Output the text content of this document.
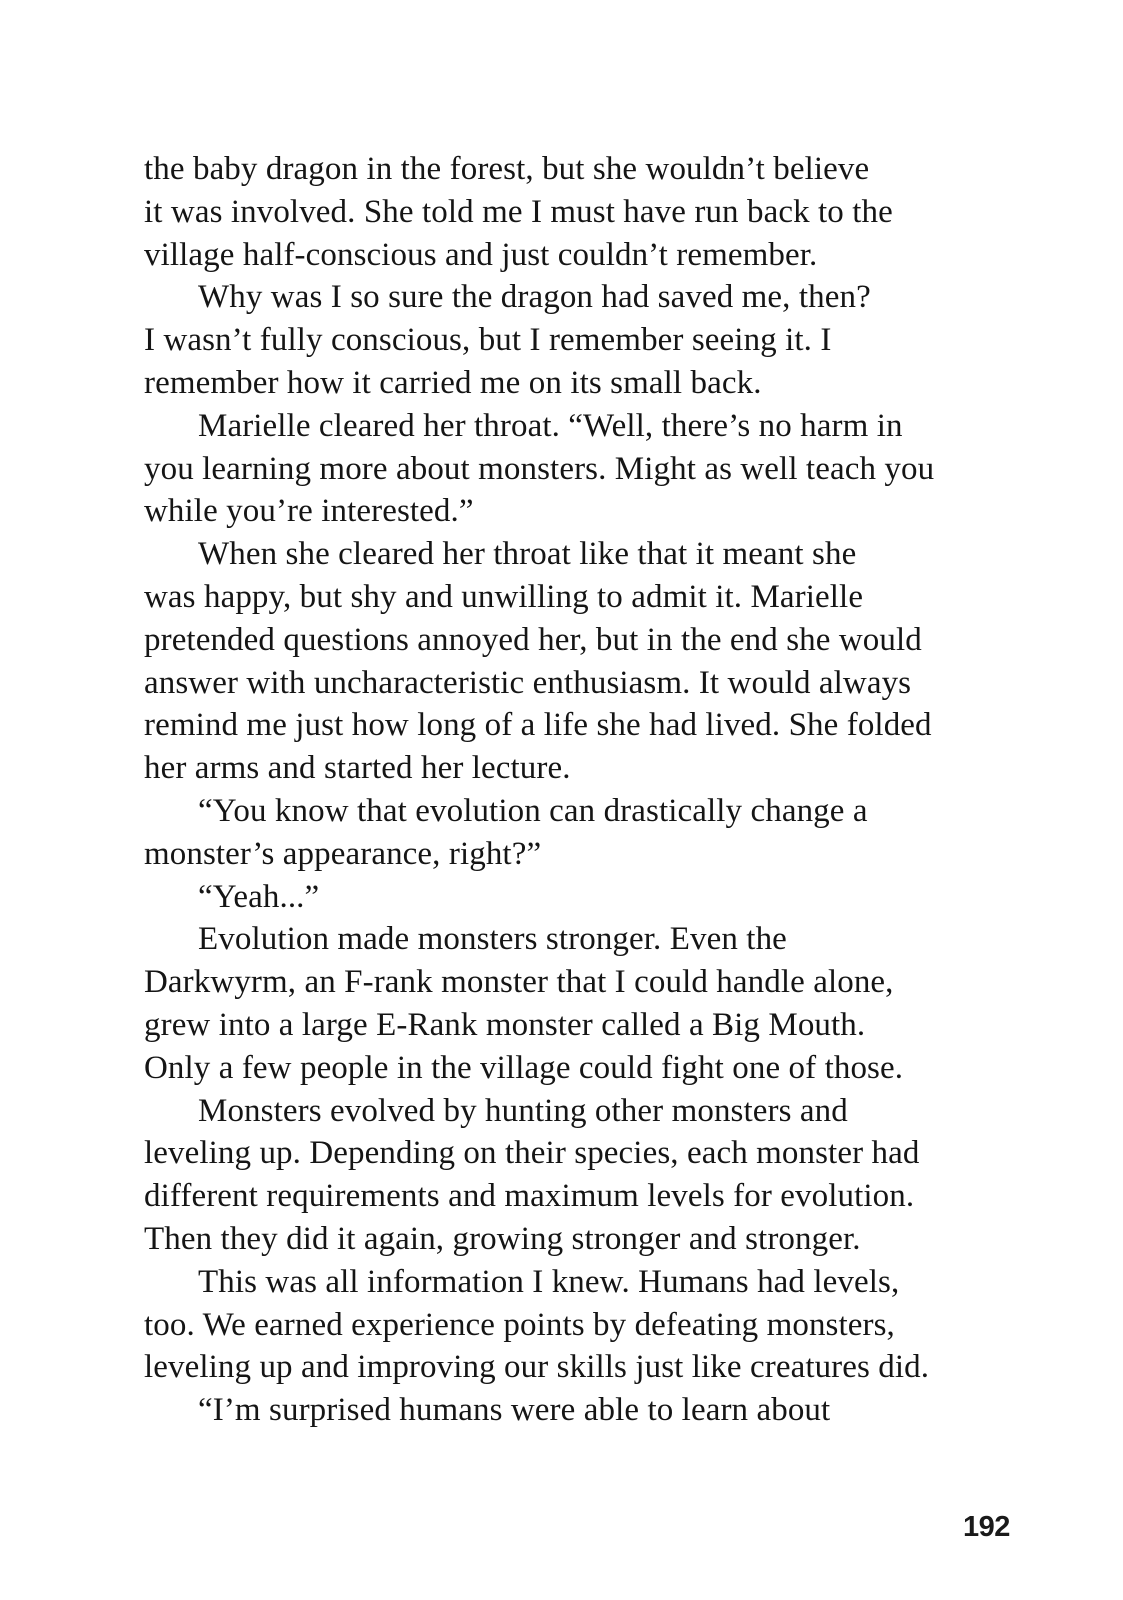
the baby dragon in the forest, but she wouldn’t believe
it was involved. She told me I must have run back to the
village half-conscious and just couldn’t remember.
Why was I so sure the dragon had saved me, then?
I wasn’t fully conscious, but I remember seeing it. I
remember how it carried me on its small back.
Marielle cleared her throat. “Well, there’s no harm in
you learning more about monsters. Might as well teach you
while you’re interested.”
When she cleared her throat like that it meant she
was happy, but shy and unwilling to admit it. Marielle
pretended questions annoyed her, but in the end she would
answer with uncharacteristic enthusiasm. It would always
remind me just how long of a life she had lived. She folded
her arms and started her lecture.
“You know that evolution can drastically change a
monster’s appearance, right?”
“Yeah...”
Evolution made monsters stronger. Even the
Darkwyrm, an F-rank monster that I could handle alone,
grew into a large E-Rank monster called a Big Mouth.
Only a few people in the village could fight one of those.
Monsters evolved by hunting other monsters and
leveling up. Depending on their species, each monster had
different requirements and maximum levels for evolution.
Then they did it again, growing stronger and stronger.
This was all information I knew. Humans had levels,
too. We earned experience points by defeating monsters,
leveling up and improving our skills just like creatures did.
“I’m surprised humans were able to learn about
192
